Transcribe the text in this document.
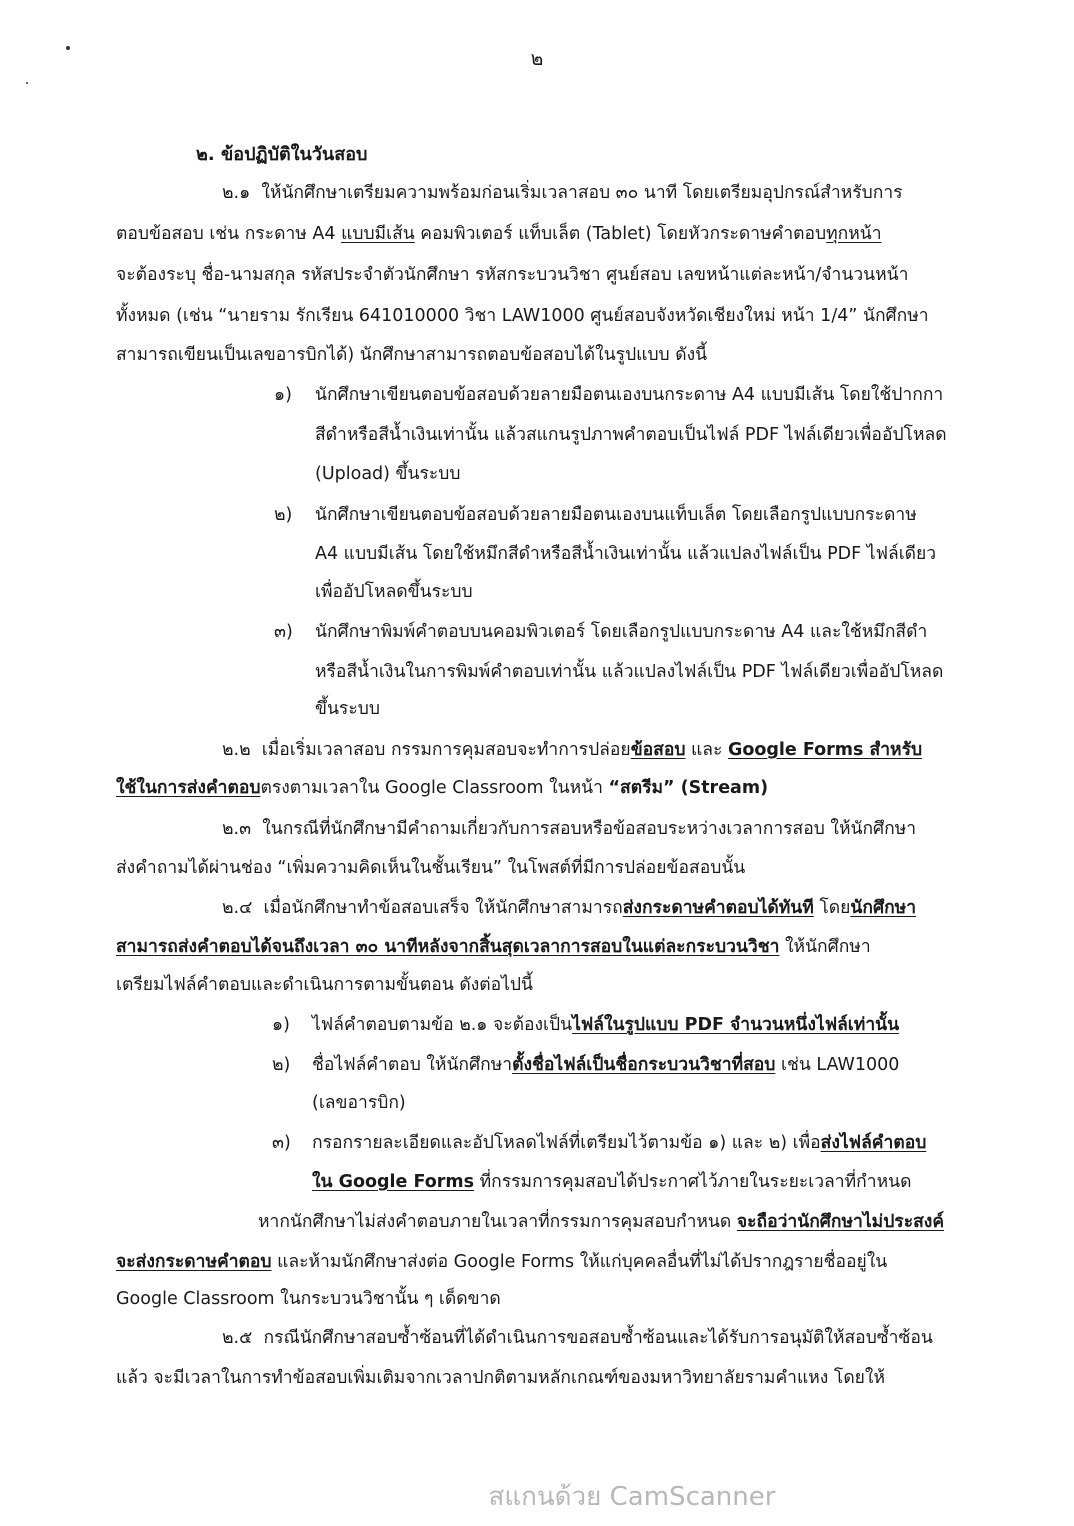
๒
๒. ข้อปฏิบัติในวันสอบ
๒.๑ ให้นักศึกษาเตรียมความพร้อมก่อนเริ่มเวลาสอบ ๓๐ นาที โดยเตรียมอุปกรณ์สำหรับการ
ตอบข้อสอบ เช่น กระดาษ A4 แบบมีเส้น คอมพิวเตอร์ แท็บเล็ต (Tablet) โดยหัวกระดาษคำตอบทุกหน้า
จะต้องระบุ ชื่อ-นามสกุล รหัสประจำตัวนักศึกษา รหัสกระบวนวิชา ศูนย์สอบ เลขหน้าแต่ละหน้า/จำนวนหน้า
ทั้งหมด (เช่น “นายราม รักเรียน 641010000 วิชา LAW1000 ศูนย์สอบจังหวัดเชียงใหม่ หน้า 1/4” นักศึกษา
สามารถเขียนเป็นเลขอารบิกได้) นักศึกษาสามารถตอบข้อสอบได้ในรูปแบบ ดังนี้
๑)	นักศึกษาเขียนตอบข้อสอบด้วยลายมือตนเองบนกระดาษ A4 แบบมีเส้น โดยใช้ปากกา
สีดำหรือสีน้ำเงินเท่านั้น แล้วสแกนรูปภาพคำตอบเป็นไฟล์ PDF ไฟล์เดียวเพื่ออัปโหลด
(Upload) ขึ้นระบบ
๒)	นักศึกษาเขียนตอบข้อสอบด้วยลายมือตนเองบนแท็บเล็ต โดยเลือกรูปแบบกระดาษ
A4 แบบมีเส้น โดยใช้หมึกสีดำหรือสีน้ำเงินเท่านั้น แล้วแปลงไฟล์เป็น PDF ไฟล์เดียว
เพื่ออัปโหลดขึ้นระบบ
๓)	นักศึกษาพิมพ์คำตอบบนคอมพิวเตอร์ โดยเลือกรูปแบบกระดาษ A4 และใช้หมึกสีดำ
หรือสีน้ำเงินในการพิมพ์คำตอบเท่านั้น แล้วแปลงไฟล์เป็น PDF ไฟล์เดียวเพื่ออัปโหลด
ขึ้นระบบ
๒.๒ เมื่อเริ่มเวลาสอบ กรรมการคุมสอบจะทำการปล่อยข้อสอบ และ Google Forms สำหรับ
ใช้ในการส่งคำตอบตรงตามเวลาใน Google Classroom ในหน้า “สตรีม” (Stream)
๒.๓ ในกรณีที่นักศึกษามีคำถามเกี่ยวกับการสอบหรือข้อสอบระหว่างเวลาการสอบ ให้นักศึกษา
ส่งคำถามได้ผ่านช่อง “เพิ่มความคิดเห็นในชั้นเรียน” ในโพสต์ที่มีการปล่อยข้อสอบนั้น
๒.๔ เมื่อนักศึกษาทำข้อสอบเสร็จ ให้นักศึกษาสามารถส่งกระดาษคำตอบได้ทันที โดยนักศึกษา
สามารถส่งคำตอบได้จนถึงเวลา ๓๐ นาทีหลังจากสิ้นสุดเวลาการสอบในแต่ละกระบวนวิชา ให้นักศึกษา
เตรียมไฟล์คำตอบและดำเนินการตามขั้นตอน ดังต่อไปนี้
๑)	ไฟล์คำตอบตามข้อ ๒.๑ จะต้องเป็นไฟล์ในรูปแบบ PDF จำนวนหนึ่งไฟล์เท่านั้น
๒)	ชื่อไฟล์คำตอบ ให้นักศึกษาตั้งชื่อไฟล์เป็นชื่อกระบวนวิชาที่สอบ เช่น LAW1000
(เลขอารบิก)
๓)	กรอกรายละเอียดและอัปโหลดไฟล์ที่เตรียมไว้ตามข้อ ๑) และ ๒) เพื่อส่งไฟล์คำตอบ
ใน Google Forms ที่กรรมการคุมสอบได้ประกาศไว้ภายในระยะเวลาที่กำหนด
หากนักศึกษาไม่ส่งคำตอบภายในเวลาที่กรรมการคุมสอบกำหนด จะถือว่านักศึกษาไม่ประสงค์
จะส่งกระดาษคำตอบ และห้ามนักศึกษาส่งต่อ Google Forms ให้แก่บุคคลอื่นที่ไม่ได้ปรากฎรายชื่ออยู่ใน
Google Classroom ในกระบวนวิชานั้น ๆ เด็ดขาด
๒.๕ กรณีนักศึกษาสอบซ้ำซ้อนที่ได้ดำเนินการขอสอบซ้ำซ้อนและได้รับการอนุมัติให้สอบซ้ำซ้อน
แล้ว จะมีเวลาในการทำข้อสอบเพิ่มเติมจากเวลาปกติตามหลักเกณฑ์ของมหาวิทยาลัยรามคำแหง โดยให้
สแกนด้วย CamScanner
